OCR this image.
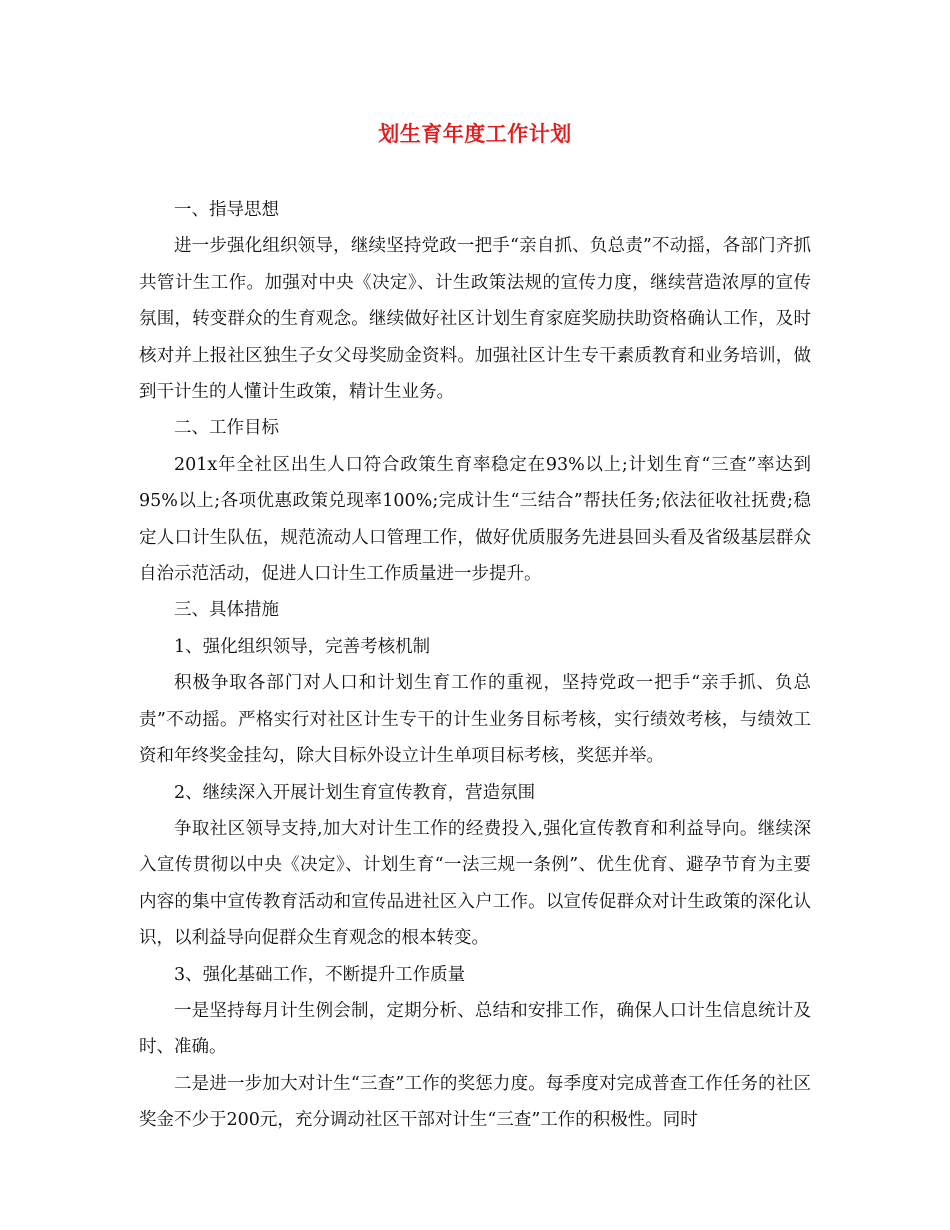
划生育年度工作计划

一、指导思想

进一步强化组织领导，继续坚持党政一把手“亲自抓、负总责”不动摇，各部门齐抓共管计生工作。加强对中央《决定》、计生政策法规的宣传力度，继续营造浓厚的宣传氛围，转变群众的生育观念。继续做好社区计划生育家庭奖励扶助资格确认工作，及时核对并上报社区独生子女父母奖励金资料。加强社区计生专干素质教育和业务培训，做到干计生的人懂计生政策，精计生业务。

二、工作目标

201x年全社区出生人口符合政策生育率稳定在93%以上;计划生育“三查”率达到95%以上;各项优惠政策兑现率100%;完成计生“三结合”帮扶任务;依法征收社抚费;稳定人口计生队伍，规范流动人口管理工作，做好优质服务先进县回头看及省级基层群众自治示范活动，促进人口计生工作质量进一步提升。

三、具体措施

1、强化组织领导，完善考核机制

积极争取各部门对人口和计划生育工作的重视，坚持党政一把手“亲手抓、负总责”不动摇。严格实行对社区计生专干的计生业务目标考核，实行绩效考核，与绩效工资和年终奖金挂勾，除大目标外设立计生单项目标考核，奖惩并举。

2、继续深入开展计划生育宣传教育，营造氛围

争取社区领导支持,加大对计生工作的经费投入,强化宣传教育和利益导向。继续深入宣传贯彻以中央《决定》、计划生育“一法三规一条例”、优生优育、避孕节育为主要内容的集中宣传教育活动和宣传品进社区入户工作。以宣传促群众对计生政策的深化认识，以利益导向促群众生育观念的根本转变。

3、强化基础工作，不断提升工作质量

一是坚持每月计生例会制，定期分析、总结和安排工作，确保人口计生信息统计及时、准确。

二是进一步加大对计生“三查”工作的奖惩力度。每季度对完成普查工作任务的社区奖金不少于200元，充分调动社区干部对计生“三查”工作的积极性。同时
